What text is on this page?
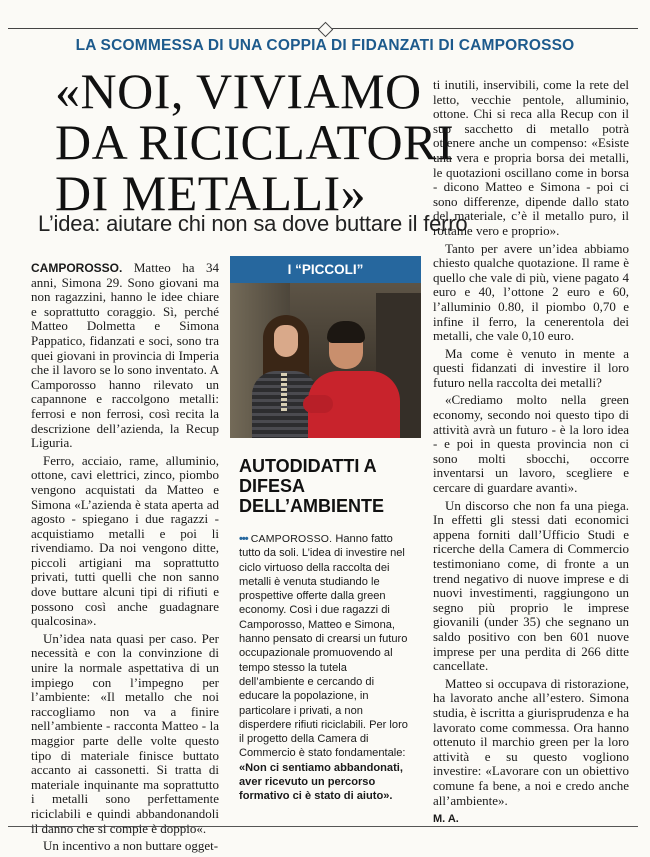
LA SCOMMESSA DI UNA COPPIA DI FIDANZATI DI CAMPOROSSO
«NOI, VIVIAMO
DA RICICLATORI
DI METALLI»
L’idea: aiutare chi non sa dove buttare il ferro

CAMPOROSSO. Matteo ha 34 anni, Simona 29. Sono giovani ma non ragazzini, hanno le idee chiare e soprattutto coraggio. Sì, perché Matteo Dolmetta e Simona Pappatico, fidanzati e soci, sono tra quei giovani in provincia di Imperia che il lavoro se lo sono inventato. A Camporosso hanno rilevato un capannone e raccolgono metalli: ferrosi e non ferrosi, così recita la descrizione dell’azienda, la Recup Liguria.

Ferro, acciaio, rame, alluminio, ottone, cavi elettrici, zinco, piombo vengono acquistati da Matteo e Simona «L’azienda è stata aperta ad agosto - spiegano i due ragazzi - acquistiamo metalli e poi li rivendiamo. Da noi vengono ditte, piccoli artigiani ma soprattutto privati, tutti quelli che non sanno dove buttare alcuni tipi di rifiuti e possono così anche guadagnare qualcosina».

Un’idea nata quasi per caso. Per necessità e con la convinzione di unire la normale aspettativa di un impiego con l’impegno per l’ambiente: «Il metallo che noi raccogliamo non va a finire nell’ambiente - racconta Matteo - la maggior parte delle volte questo tipo di materiale finisce buttato accanto ai cassonetti. Si tratta di materiale inquinante ma soprattutto i metalli sono perfettamente riciclabili e quindi abbandonandoli il danno che si compie è doppio«.

Un incentivo a non buttare ogget-

I “PICCOLI”
AUTODIDATTI A DIFESA DELL’AMBIENTE
••• CAMPOROSSO. Hanno fatto tutto da soli. L’idea di investire nel ciclo virtuoso della raccolta dei metalli è venuta studiando le prospettive offerte dalla green economy. Così i due ragazzi di Camporosso, Matteo e Simona, hanno pensato di crearsi un futuro occupazionale promuovendo al tempo stesso la tutela dell’ambiente e cercando di educare la popolazione, in particolare i privati, a non disperdere rifiuti riciclabili. Per loro il progetto della Camera di Commercio è stato fondamentale: «Non ci sentiamo abbandonati, aver ricevuto un percorso formativo ci è stato di aiuto».

ti inutili, inservibili, come la rete del letto, vecchie pentole, alluminio, ottone. Chi si reca alla Recup con il suo sacchetto di metallo potrà ottenere anche un compenso: «Esiste una vera e propria borsa dei metalli, le quotazioni oscillano come in borsa - dicono Matteo e Simona - poi ci sono differenze, dipende dallo stato del materiale, c’è il metallo puro, il rottame vero e proprio».

Tanto per avere un’idea abbiamo chiesto qualche quotazione. Il rame è quello che vale di più, viene pagato 4 euro e 40, l’ottone 2 euro e 60, l’alluminio 0.80, il piombo 0,70 e infine il ferro, la cenerentola dei metalli, che vale 0,10 euro.

Ma come è venuto in mente a questi fidanzati di investire il loro futuro nella raccolta dei metalli?

«Crediamo molto nella green economy, secondo noi questo tipo di attività avrà un futuro - è la loro idea - e poi in questa provincia non ci sono molti sbocchi, occorre inventarsi un lavoro, scegliere e cercare di guardare avanti».

Un discorso che non fa una piega. In effetti gli stessi dati economici appena forniti dall’Ufficio Studi e ricerche della Camera di Commercio testimoniano come, di fronte a un trend negativo di nuove imprese e di nuovi investimenti, raggiungono un segno più proprio le imprese giovanili (under 35) che segnano un saldo positivo con ben 601 nuove imprese per una perdita di 266 ditte cancellate.

Matteo si occupava di ristorazione, ha lavorato anche all’estero. Simona studia, è iscritta a giurisprudenza e ha lavorato come commessa. Ora hanno ottenuto il marchio green per la loro attività e su questo vogliono investire: «Lavorare con un obiettivo comune fa bene, a noi e credo anche all’ambiente».

M. A.
